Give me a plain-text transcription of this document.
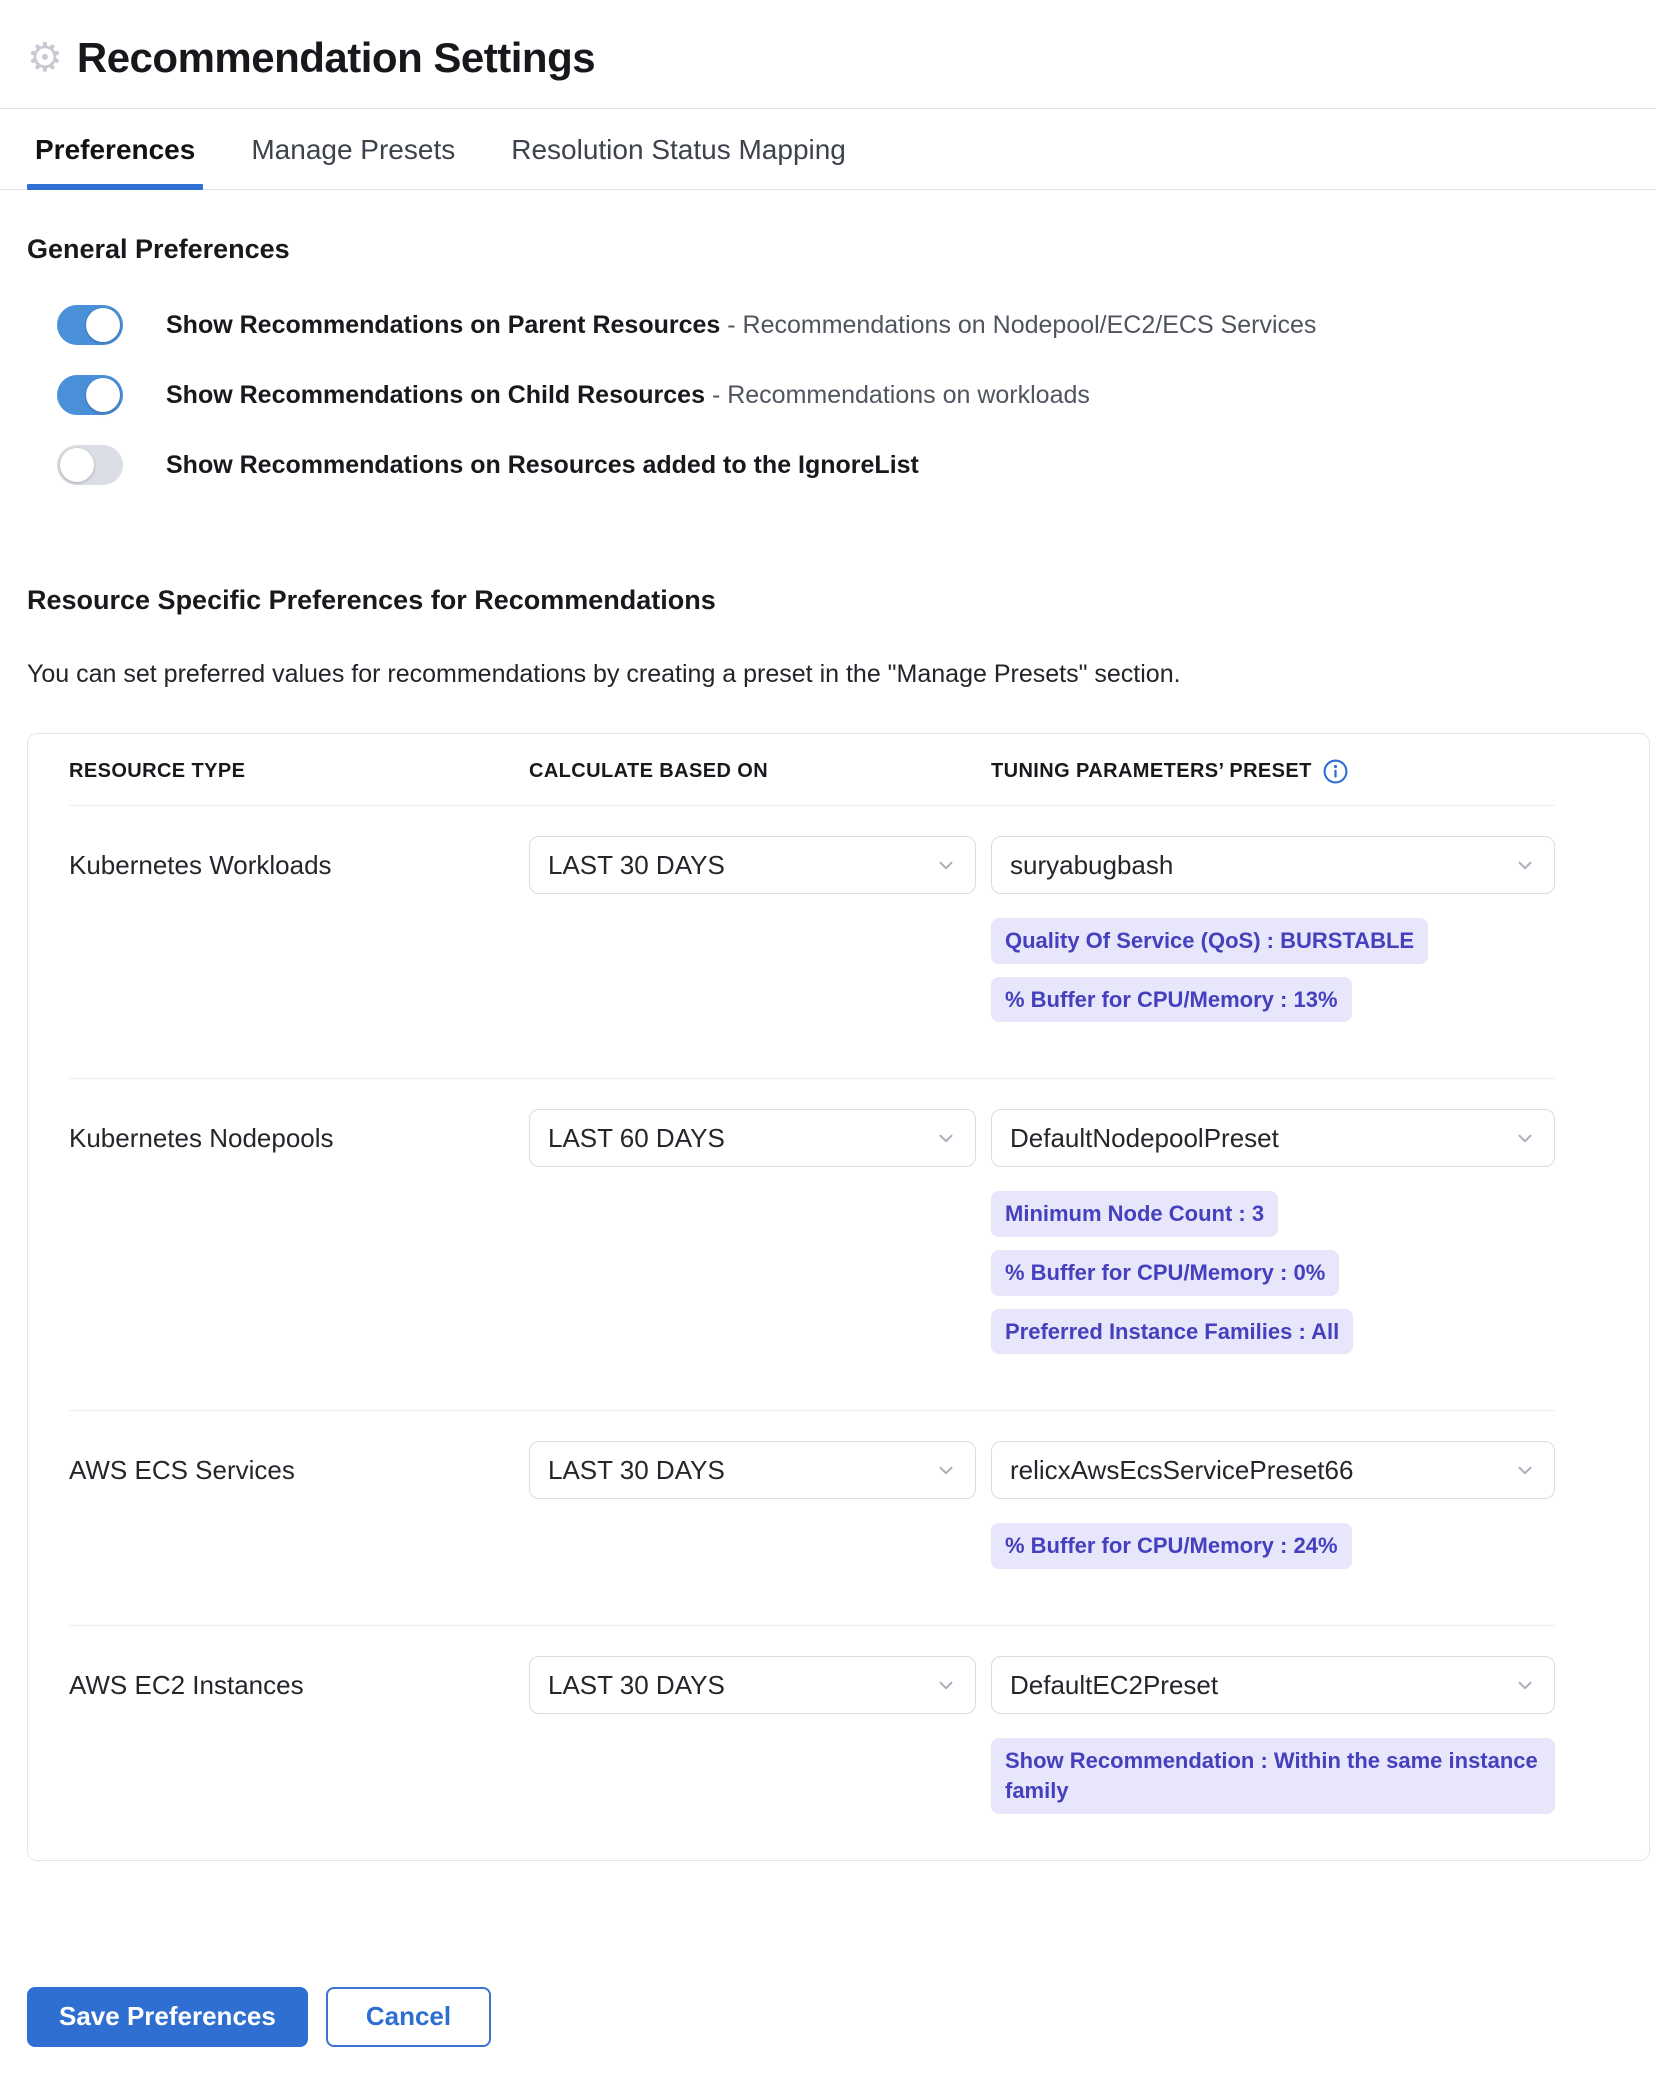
⚙ Recommendation Settings
Preferences Manage Presets Resolution Status Mapping
General Preferences
Show Recommendations on Parent Resources - Recommendations on Nodepool/EC2/ECS Services
Show Recommendations on Child Resources - Recommendations on workloads
Show Recommendations on Resources added to the IgnoreList
Resource Specific Preferences for Recommendations
You can set preferred values for recommendations by creating a preset in the "Manage Presets" section.
RESOURCE TYPE	CALCULATE BASED ON	TUNING PARAMETERS’ PRESET
Kubernetes Workloads	LAST 30 DAYS	suryabugbash
Quality Of Service (QoS) : BURSTABLE
% Buffer for CPU/Memory : 13%
Kubernetes Nodepools	LAST 60 DAYS	DefaultNodepoolPreset
Minimum Node Count : 3
% Buffer for CPU/Memory : 0%
Preferred Instance Families : All
AWS ECS Services	LAST 30 DAYS	relicxAwsEcsServicePreset66
% Buffer for CPU/Memory : 24%
AWS EC2 Instances	LAST 30 DAYS	DefaultEC2Preset
Show Recommendation : Within the same instance family
Save Preferences	Cancel
